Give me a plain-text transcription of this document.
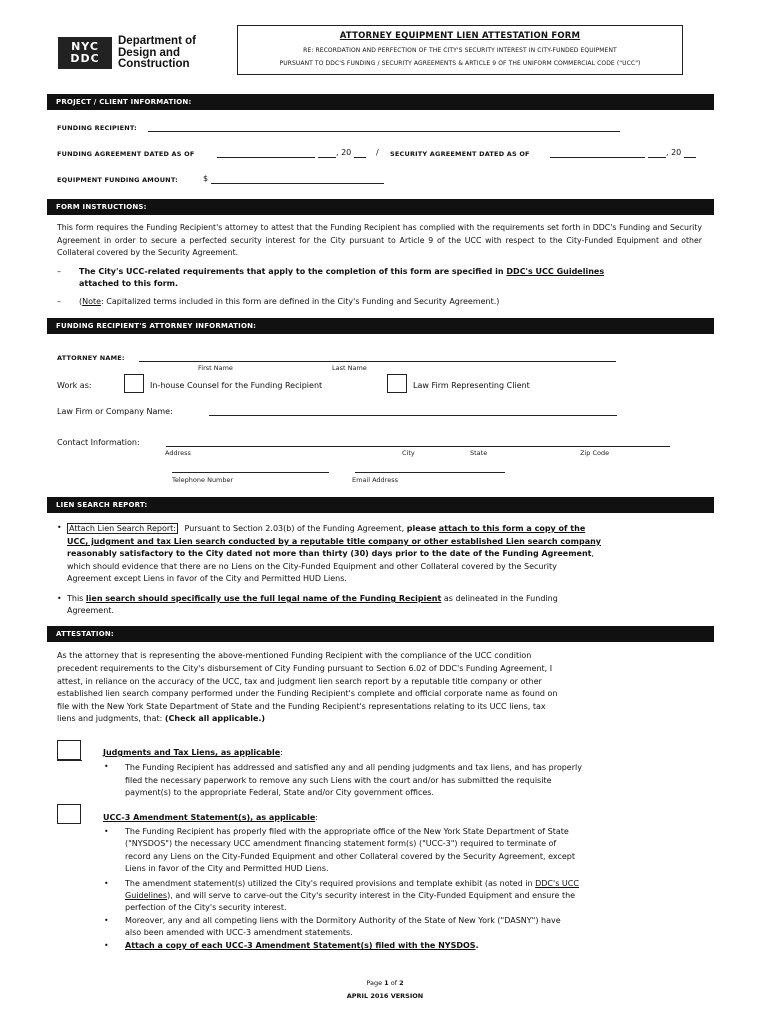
NYC
DDC
Department of
Design and
Construction
ATTORNEY EQUIPMENT LIEN ATTESTATION FORM
RE: RECORDATION AND PERFECTION OF THE CITY'S SECURITY INTEREST IN CITY-FUNDED EQUIPMENT
PURSUANT TO DDC'S FUNDING / SECURITY AGREEMENTS & ARTICLE 9 OF THE UNIFORM COMMERCIAL CODE ("UCC")
PROJECT / CLIENT INFORMATION:
FUNDING RECIPIENT:
FUNDING AGREEMENT DATED AS OF	, 20	/ SECURITY AGREEMENT DATED AS OF	, 20
EQUIPMENT FUNDING AMOUNT:	$
FORM INSTRUCTIONS:
This form requires the Funding Recipient's attorney to attest that the Funding Recipient has complied with the requirements set forth in DDC's Funding and Security Agreement in order to secure a perfected security interest for the City pursuant to Article 9 of the UCC with respect to the City-Funded Equipment and other Collateral covered by the Security Agreement.
– The City's UCC-related requirements that apply to the completion of this form are specified in DDC's UCC Guidelines
attached to this form.
– (Note: Capitalized terms included in this form are defined in the City's Funding and Security Agreement.)
FUNDING RECIPIENT'S ATTORNEY INFORMATION:
ATTORNEY NAME:
First Name	Last Name
Work as:	In-house Counsel for the Funding Recipient	Law Firm Representing Client
Law Firm or Company Name:
Contact Information:
Address	City	State	Zip Code
Telephone Number	Email Address
LIEN SEARCH REPORT:
• Attach Lien Search Report: Pursuant to Section 2.03(b) of the Funding Agreement, please attach to this form a copy of the
UCC, judgment and tax Lien search conducted by a reputable title company or other established Lien search company
reasonably satisfactory to the City dated not more than thirty (30) days prior to the date of the Funding Agreement,
which should evidence that there are no Liens on the City-Funded Equipment and other Collateral covered by the Security
Agreement except Liens in favor of the City and Permitted HUD Liens.
• This lien search should specifically use the full legal name of the Funding Recipient as delineated in the Funding
Agreement.
ATTESTATION:
As the attorney that is representing the above-mentioned Funding Recipient with the compliance of the UCC condition
precedent requirements to the City's disbursement of City Funding pursuant to Section 6.02 of DDC's Funding Agreement, I
attest, in reliance on the accuracy of the UCC, tax and judgment lien search report by a reputable title company or other
established lien search company performed under the Funding Recipient's complete and official corporate name as found on
file with the New York State Department of State and the Funding Recipient's representations relating to its UCC liens, tax
liens and judgments, that: (Check all applicable.)
Judgments and Tax Liens, as applicable:
• The Funding Recipient has addressed and satisfied any and all pending judgments and tax liens, and has properly
filed the necessary paperwork to remove any such Liens with the court and/or has submitted the requisite
payment(s) to the appropriate Federal, State and/or City government offices.
UCC-3 Amendment Statement(s), as applicable:
• The Funding Recipient has properly filed with the appropriate office of the New York State Department of State
("NYSDOS") the necessary UCC amendment financing statement form(s) ("UCC-3") required to terminate of
record any Liens on the City-Funded Equipment and other Collateral covered by the Security Agreement, except
Liens in favor of the City and Permitted HUD Liens.
• The amendment statement(s) utilized the City's required provisions and template exhibit (as noted in DDC's UCC
Guidelines), and will serve to carve-out the City's security interest in the City-Funded Equipment and ensure the
perfection of the City's security interest.
• Moreover, any and all competing liens with the Dormitory Authority of the State of New York ("DASNY") have
also been amended with UCC-3 amendment statements.
• Attach a copy of each UCC-3 Amendment Statement(s) filed with the NYSDOS.
Page 1 of 2
APRIL 2016 VERSION
